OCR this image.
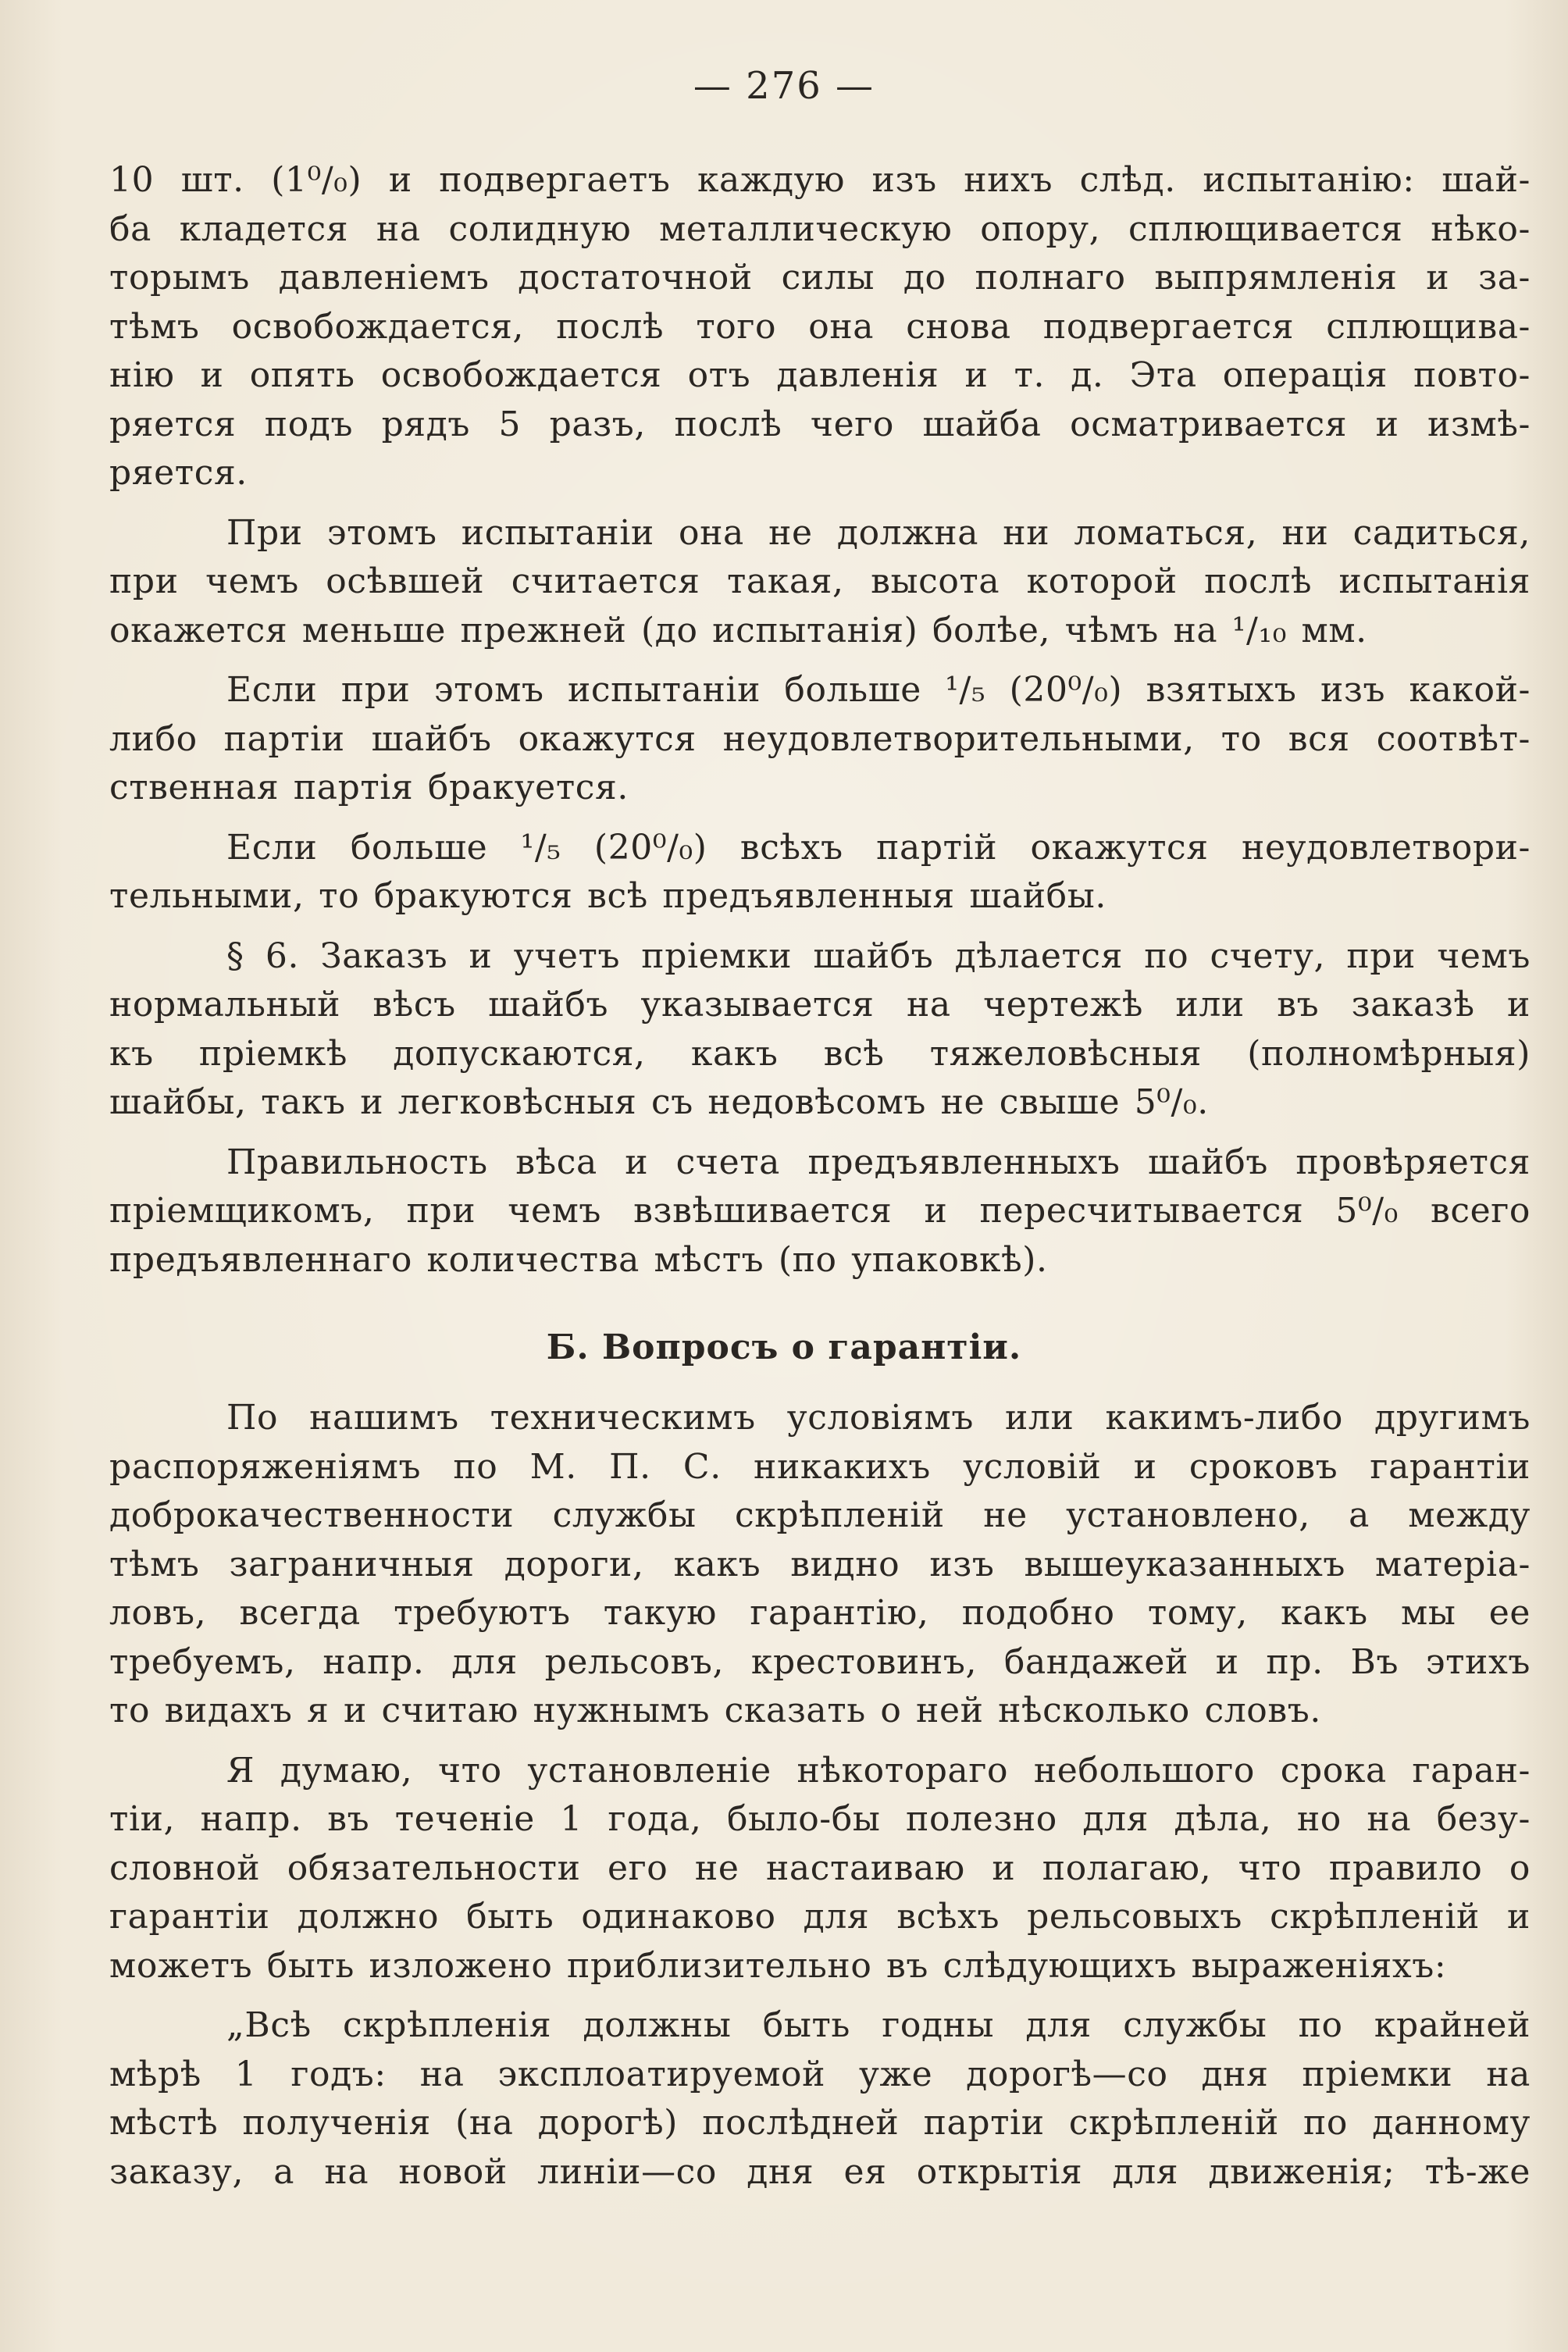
— 276 —

10 шт. (1⁰/₀) и подвергаетъ каждую изъ нихъ слѣд. испытанію: шай-
ба кладется на солидную металлическую опору, сплющивается нѣко-
торымъ давленіемъ достаточной силы до полнаго выпрямленія и за-
тѣмъ освобождается, послѣ того она снова подвергается сплющива-
нію и опять освобождается отъ давленія и т. д. Эта операція повто-
ряется подъ рядъ 5 разъ, послѣ чего шайба осматривается и измѣ-
ряется.

При этомъ испытаніи она не должна ни ломаться, ни садиться,
при чемъ осѣвшей считается такая, высота которой послѣ испытанія
окажется меньше прежней (до испытанія) болѣе, чѣмъ на ¹/₁₀ мм.

Если при этомъ испытаніи больше ¹/₅ (20⁰/₀) взятыхъ изъ какой-
либо партіи шайбъ окажутся неудовлетворительными, то вся соотвѣт-
ственная партія бракуется.

Если больше ¹/₅ (20⁰/₀) всѣхъ партій окажутся неудовлетвори-
тельными, то бракуются всѣ предъявленныя шайбы.

§ 6. Заказъ и учетъ пріемки шайбъ дѣлается по счету, при чемъ
нормальный вѣсъ шайбъ указывается на чертежѣ или въ заказѣ и
къ пріемкѣ допускаются, какъ всѣ тяжеловѣсныя (полномѣрныя)
шайбы, такъ и легковѣсныя съ недовѣсомъ не свыше 5⁰/₀.

Правильность вѣса и счета предъявленныхъ шайбъ провѣряется
пріемщикомъ, при чемъ взвѣшивается и пересчитывается 5⁰/₀ всего
предъявленнаго количества мѣстъ (по упаковкѣ).

Б. Вопросъ о гарантіи.

По нашимъ техническимъ условіямъ или какимъ-либо другимъ
распоряженіямъ по М. П. С. никакихъ условій и сроковъ гарантіи
доброкачественности службы скрѣпленій не установлено, а между
тѣмъ заграничныя дороги, какъ видно изъ вышеуказанныхъ матеріа-
ловъ, всегда требуютъ такую гарантію, подобно тому, какъ мы ее
требуемъ, напр. для рельсовъ, крестовинъ, бандажей и пр. Въ этихъ
то видахъ я и считаю нужнымъ сказать о ней нѣсколько словъ.

Я думаю, что установленіе нѣкотораго небольшого срока гаран-
тіи, напр. въ теченіе 1 года, было-бы полезно для дѣла, но на безу-
словной обязательности его не настаиваю и полагаю, что правило о
гарантіи должно быть одинаково для всѣхъ рельсовыхъ скрѣпленій и
можетъ быть изложено приблизительно въ слѣдующихъ выраженіяхъ:

„Всѣ скрѣпленія должны быть годны для службы по крайней
мѣрѣ 1 годъ: на эксплоатируемой уже дорогѣ—со дня пріемки на
мѣстѣ полученія (на дорогѣ) послѣдней партіи скрѣпленій по данному
заказу, а на новой линіи—со дня ея открытія для движенія; тѣ-же
